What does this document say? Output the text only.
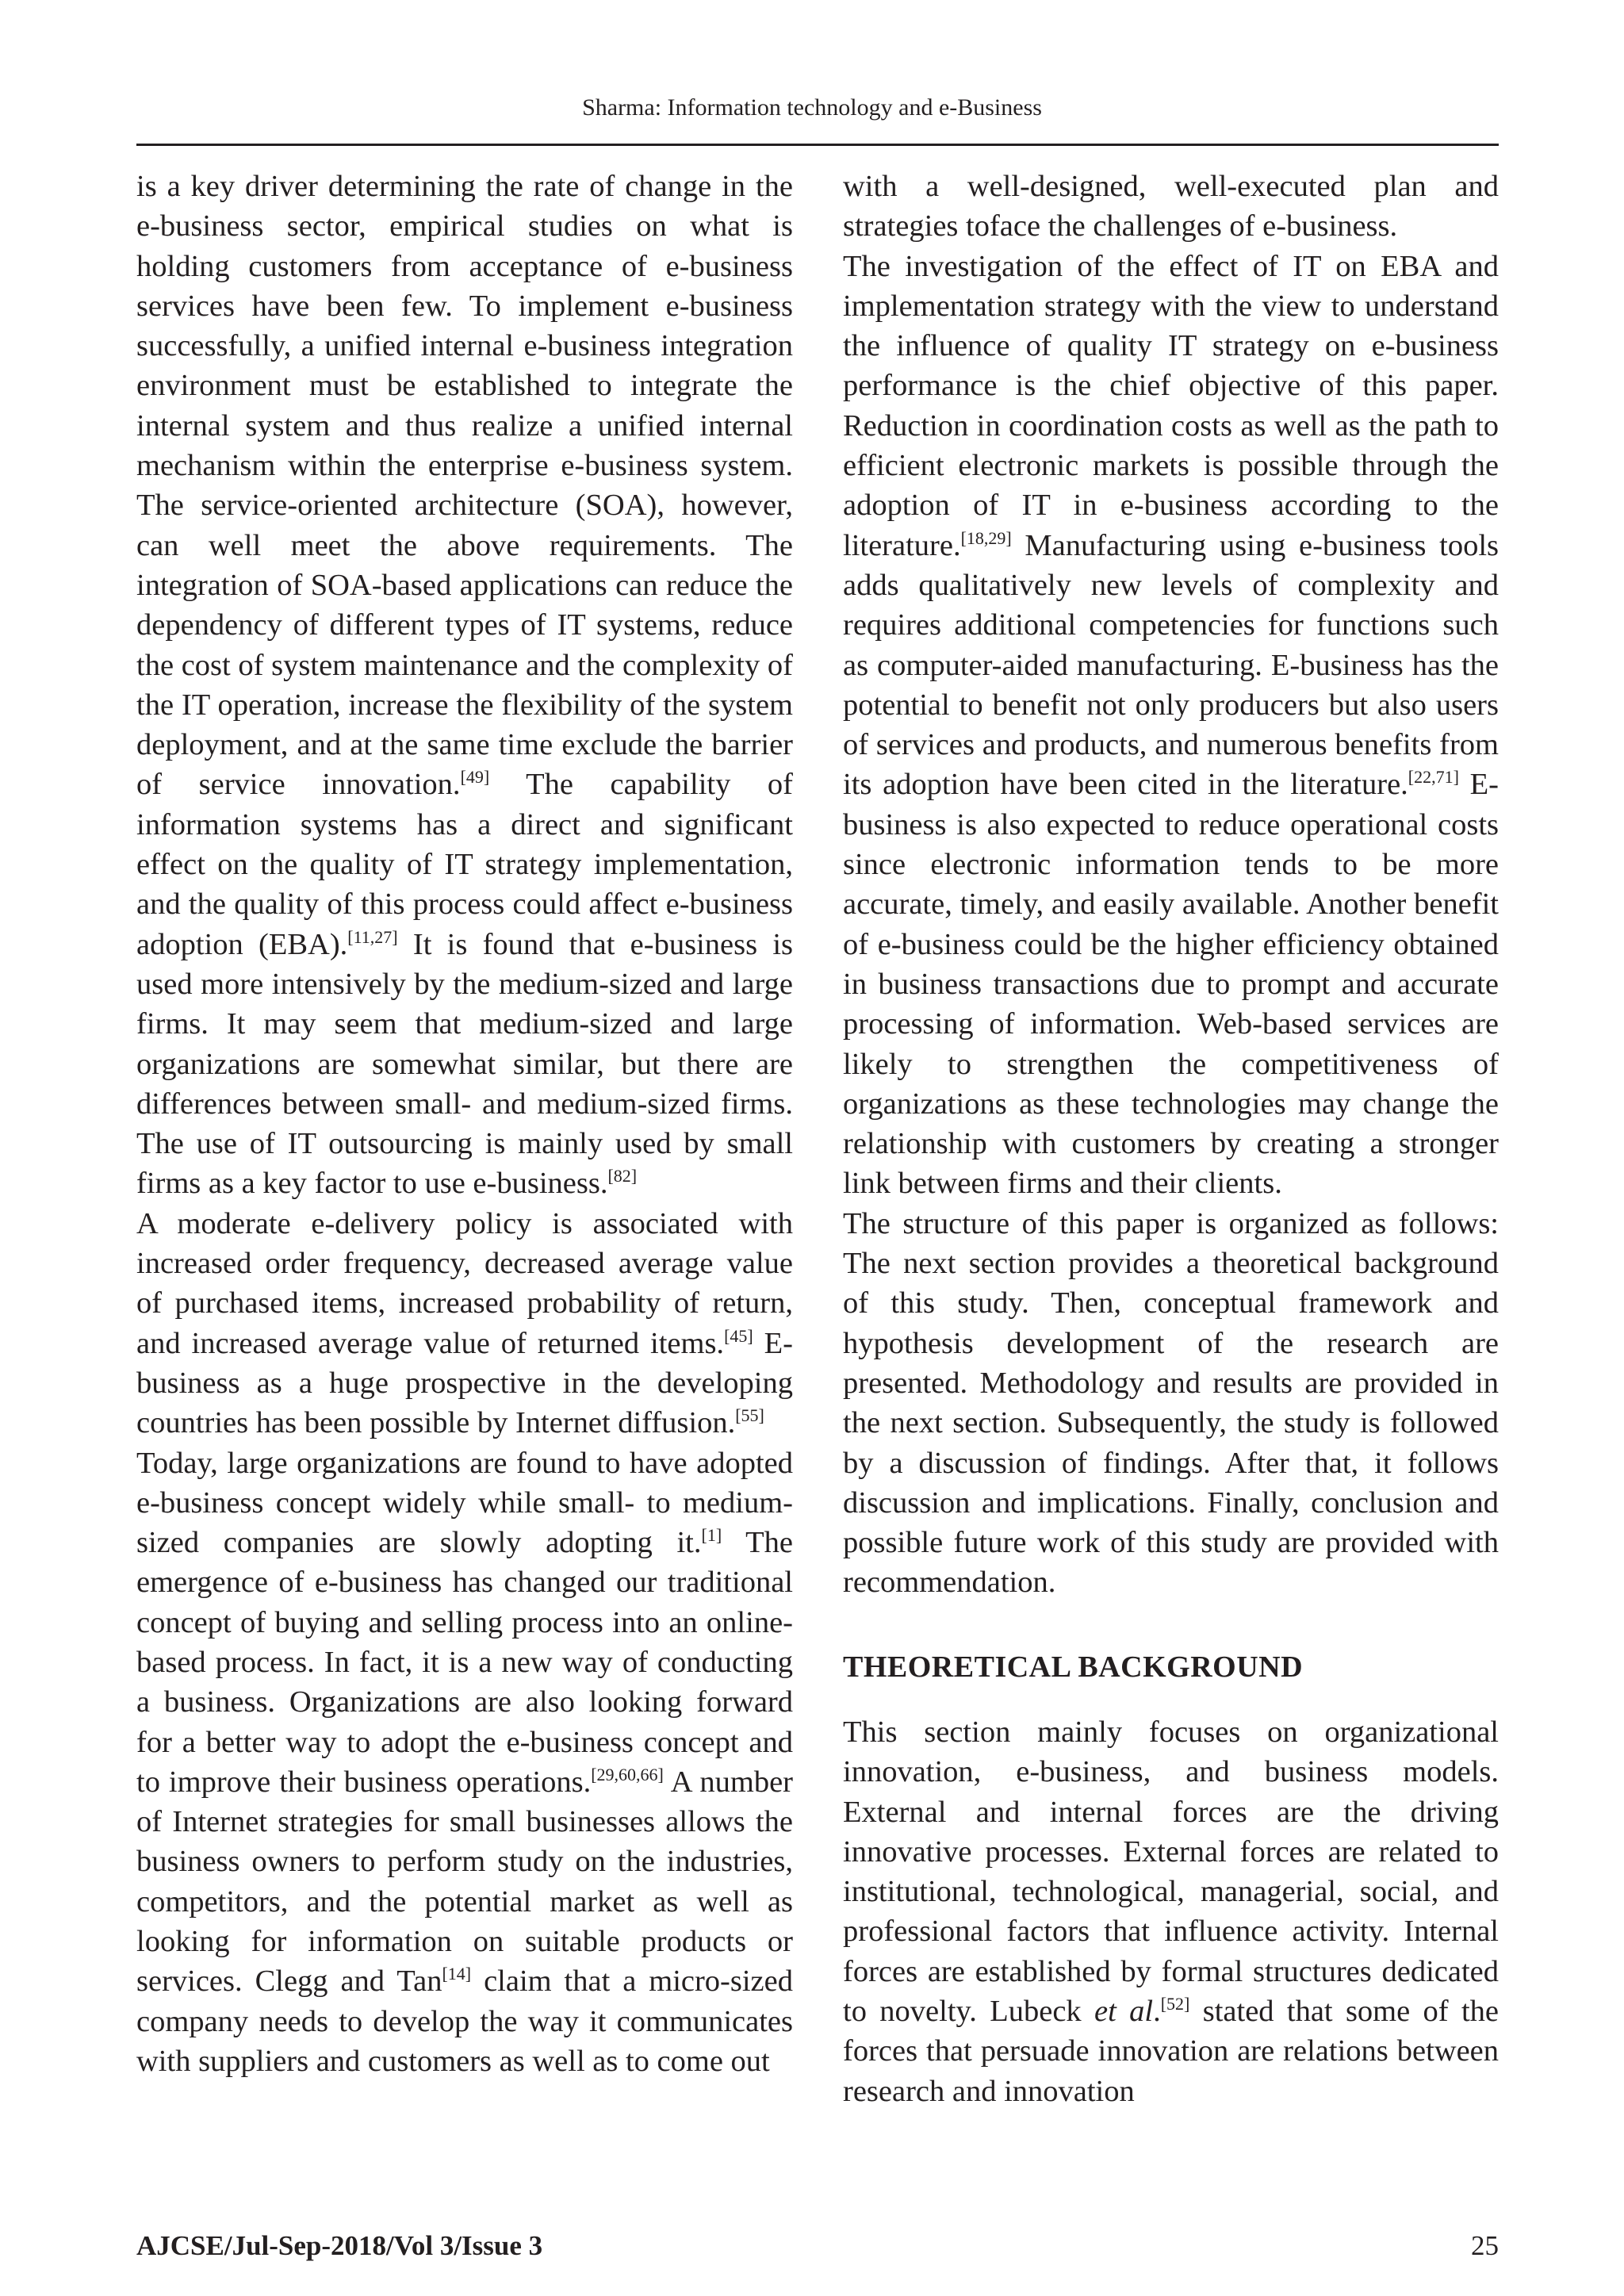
Sharma: Information technology and e-Business

is a key driver determining the rate of change in the e-business sector, empirical studies on what is holding customers from acceptance of e-business services have been few. To implement e-business successfully, a unified internal e-business integration environment must be established to integrate the internal system and thus realize a unified internal mechanism within the enterprise e-business system. The service-oriented architecture (SOA), however, can well meet the above requirements. The integration of SOA-based applications can reduce the dependency of different types of IT systems, reduce the cost of system maintenance and the complexity of the IT operation, increase the flexibility of the system deployment, and at the same time exclude the barrier of service innovation.[49] The capability of information systems has a direct and significant effect on the quality of IT strategy implementation, and the quality of this process could affect e-business adoption (EBA).[11,27] It is found that e-business is used more intensively by the medium-sized and large firms. It may seem that medium-sized and large organizations are somewhat similar, but there are differences between small- and medium-sized firms. The use of IT outsourcing is mainly used by small firms as a key factor to use e-business.[82]

A moderate e-delivery policy is associated with increased order frequency, decreased average value of purchased items, increased probability of return, and increased average value of returned items.[45] E-business as a huge prospective in the developing countries has been possible by Internet diffusion.[55]

Today, large organizations are found to have adopted e-business concept widely while small- to medium-sized companies are slowly adopting it.[1] The emergence of e-business has changed our traditional concept of buying and selling process into an online-based process. In fact, it is a new way of conducting a business. Organizations are also looking forward for a better way to adopt the e-business concept and to improve their business operations.[29,60,66] A number of Internet strategies for small businesses allows the business owners to perform study on the industries, competitors, and the potential market as well as looking for information on suitable products or services. Clegg and Tan[14] claim that a micro-sized company needs to develop the way it communicates with suppliers and customers as well as to come out

with a well-designed, well-executed plan and strategies toface the challenges of e-business.

The investigation of the effect of IT on EBA and implementation strategy with the view to understand the influence of quality IT strategy on e-business performance is the chief objective of this paper. Reduction in coordination costs as well as the path to efficient electronic markets is possible through the adoption of IT in e-business according to the literature.[18,29] Manufacturing using e-business tools adds qualitatively new levels of complexity and requires additional competencies for functions such as computer-aided manufacturing. E-business has the potential to benefit not only producers but also users of services and products, and numerous benefits from its adoption have been cited in the literature.[22,71] E-business is also expected to reduce operational costs since electronic information tends to be more accurate, timely, and easily available. Another benefit of e-business could be the higher efficiency obtained in business transactions due to prompt and accurate processing of information. Web-based services are likely to strengthen the competitiveness of organizations as these technologies may change the relationship with customers by creating a stronger link between firms and their clients.

The structure of this paper is organized as follows: The next section provides a theoretical background of this study. Then, conceptual framework and hypothesis development of the research are presented. Methodology and results are provided in the next section. Subsequently, the study is followed by a discussion of findings. After that, it follows discussion and implications. Finally, conclusion and possible future work of this study are provided with recommendation.

THEORETICAL BACKGROUND

This section mainly focuses on organizational innovation, e-business, and business models. External and internal forces are the driving innovative processes. External forces are related to institutional, technological, managerial, social, and professional factors that influence activity. Internal forces are established by formal structures dedicated to novelty. Lubeck et al.[52] stated that some of the forces that persuade innovation are relations between research and innovation

AJCSE/Jul-Sep-2018/Vol 3/Issue 3	25
